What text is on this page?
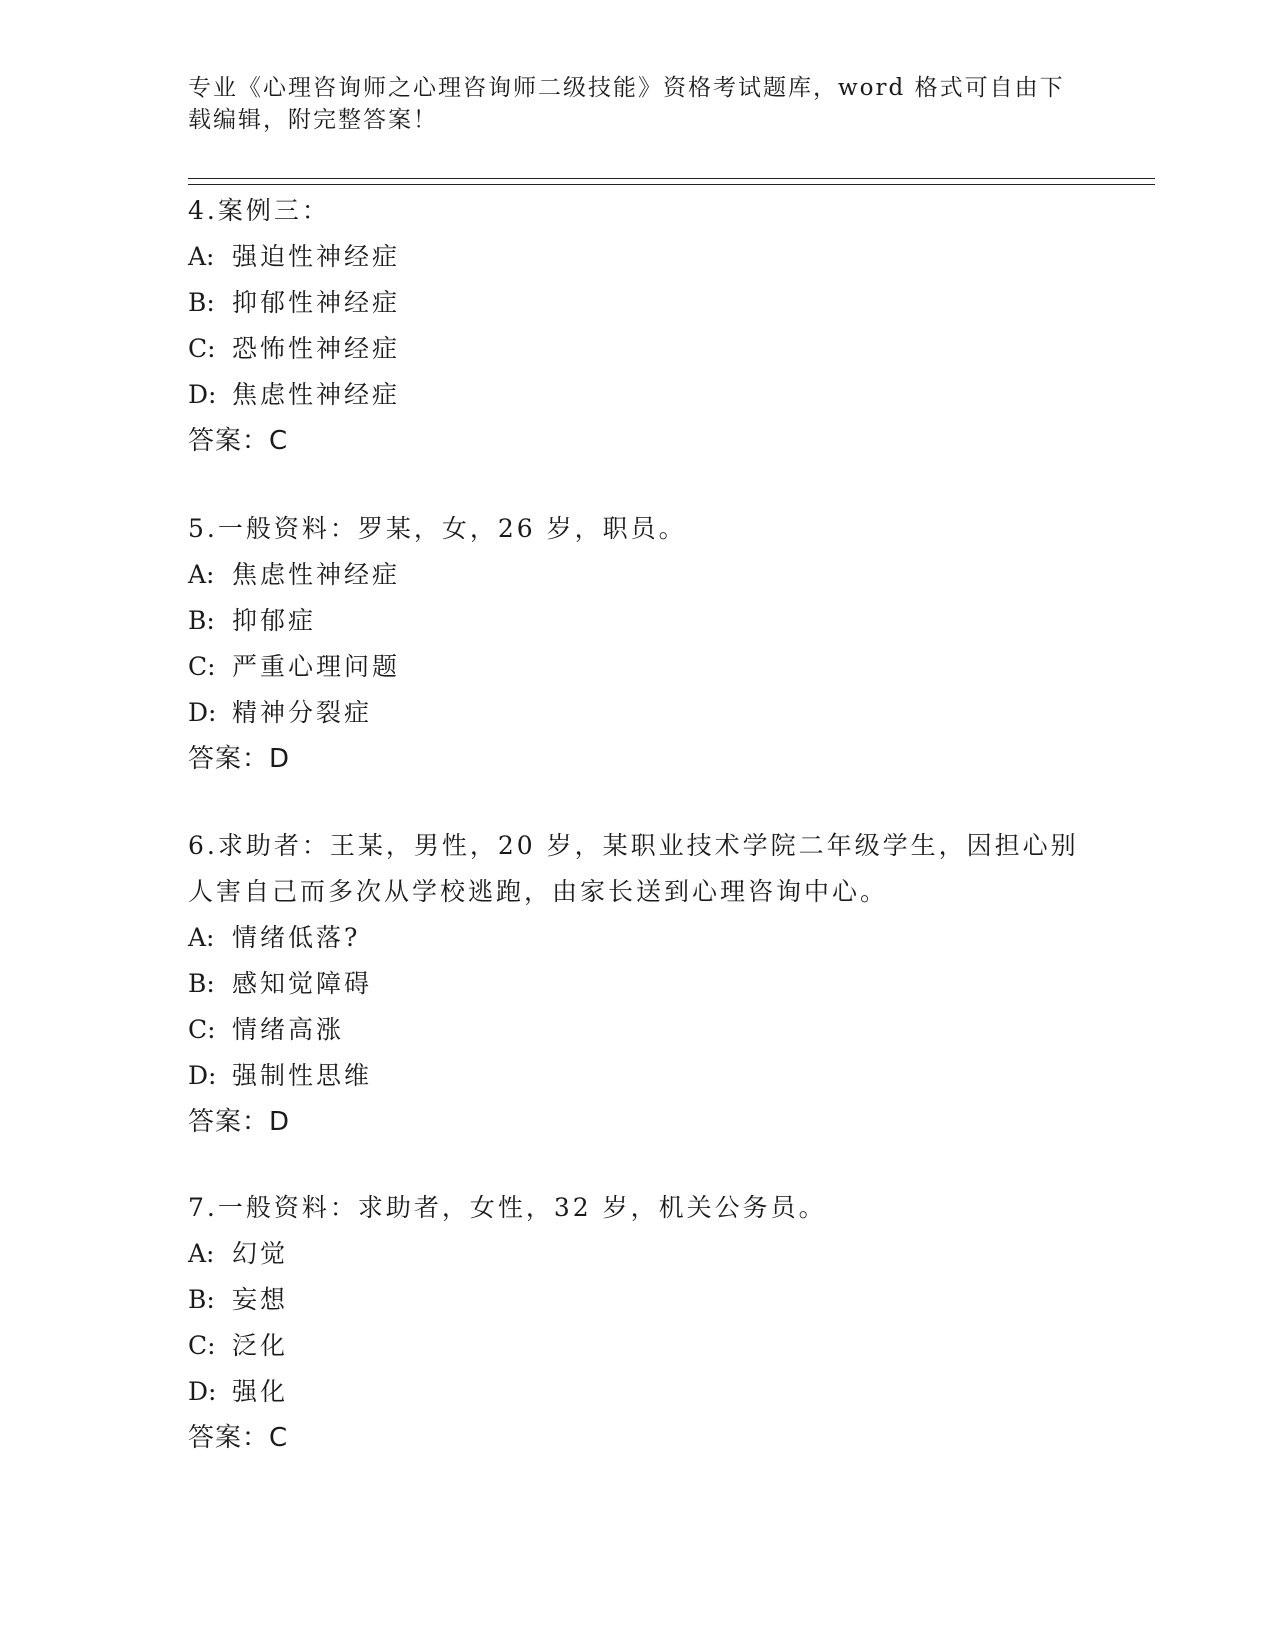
专业《心理咨询师之心理咨询师二级技能》资格考试题库，word 格式可自由下载编辑，附完整答案！
4.案例三：
A: 强迫性神经症
B: 抑郁性神经症
C: 恐怖性神经症
D: 焦虑性神经症
答案：C
5.一般资料：罗某，女，26 岁，职员。
A: 焦虑性神经症
B: 抑郁症
C: 严重心理问题
D: 精神分裂症
答案：D
6.求助者：王某，男性，20 岁，某职业技术学院二年级学生，因担心别人害自己而多次从学校逃跑，由家长送到心理咨询中心。
A: 情绪低落?
B: 感知觉障碍
C: 情绪高涨
D: 强制性思维
答案：D
7.一般资料：求助者，女性，32 岁，机关公务员。
A: 幻觉
B: 妄想
C: 泛化
D: 强化
答案：C
